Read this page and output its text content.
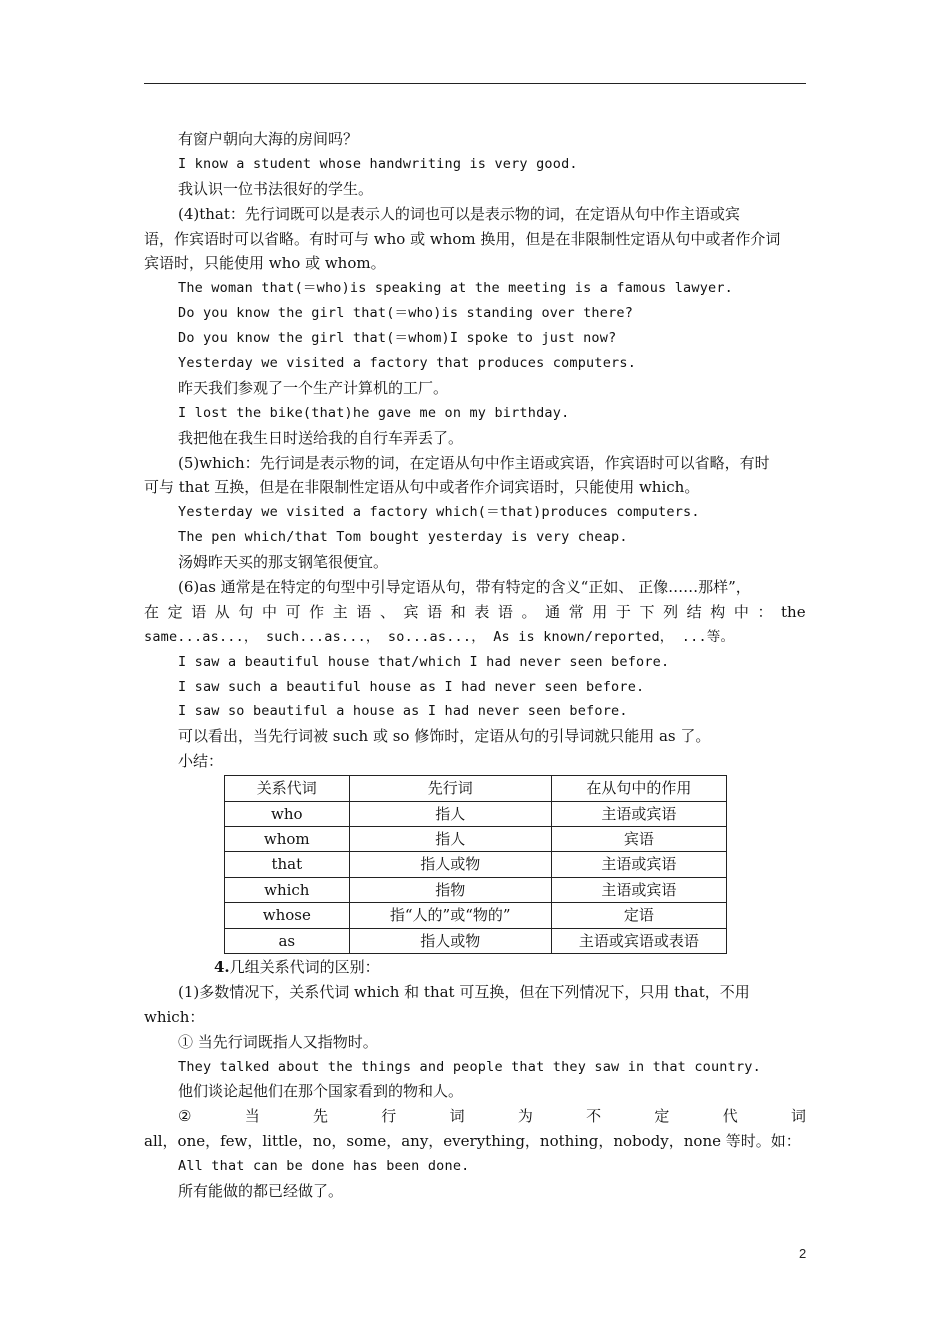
有窗户朝向大海的房间吗？
I know a student whose handwriting is very good.
我认识一位书法很好的学生。
(4)that：先行词既可以是表示人的词也可以是表示物的词，在定语从句中作主语或宾
语，作宾语时可以省略。有时可与 who 或 whom 换用，但是在非限制性定语从句中或者作介词
宾语时，只能使用 who 或 whom。
The woman that(＝who)is speaking at the meeting is a famous lawyer.
Do you know the girl that(＝who)is standing over there?
Do you know the girl that(＝whom)I spoke to just now?
Yesterday we visited a factory that produces computers.
昨天我们参观了一个生产计算机的工厂。
I lost the bike(that)he gave me on my birthday.
我把他在我生日时送给我的自行车弄丢了。
(5)which：先行词是表示物的词，在定语从句中作主语或宾语，作宾语时可以省略，有时
可与 that 互换，但是在非限制性定语从句中或者作介词宾语时，只能使用 which。
Yesterday we visited a factory which(＝that)produces computers.
The pen which/that Tom bought yesterday is very cheap.
汤姆昨天买的那支钢笔很便宜。
(6)as 通常是在特定的句型中引导定语从句，带有特定的含义“正如、 正像……那样”，
在 定 语 从 句 中 可 作 主 语 、 宾 语 和 表 语 。 通 常 用 于 下 列 结 构 中 ： the
same...as...， such...as...， so...as...， As is known/reported， ...等。
I saw a beautiful house that/which I had never seen before.
I saw such a beautiful house as I had never seen before.
I saw so beautiful a house as I had never seen before.
可以看出，当先行词被 such 或 so 修饰时，定语从句的引导词就只能用 as 了。
小结：
关系代词	先行词	在从句中的作用
who	指人	主语或宾语
whom	指人	宾语
that	指人或物	主语或宾语
which	指物	主语或宾语
whose	指“人的”或“物的”	定语
as	指人或物	主语或宾语或表语
4.几组关系代词的区别：
(1)多数情况下，关系代词 which 和 that 可互换，但在下列情况下，只用 that，不用
which：
① 当先行词既指人又指物时。
They talked about the things and people that they saw in that country.
他们谈论起他们在那个国家看到的物和人。
②	当	先	行	词	为	不	定	代	词
all，one，few，little，no，some，any，everything，nothing，nobody，none 等时。如：
All that can be done has been done.
所有能做的都已经做了。
2
